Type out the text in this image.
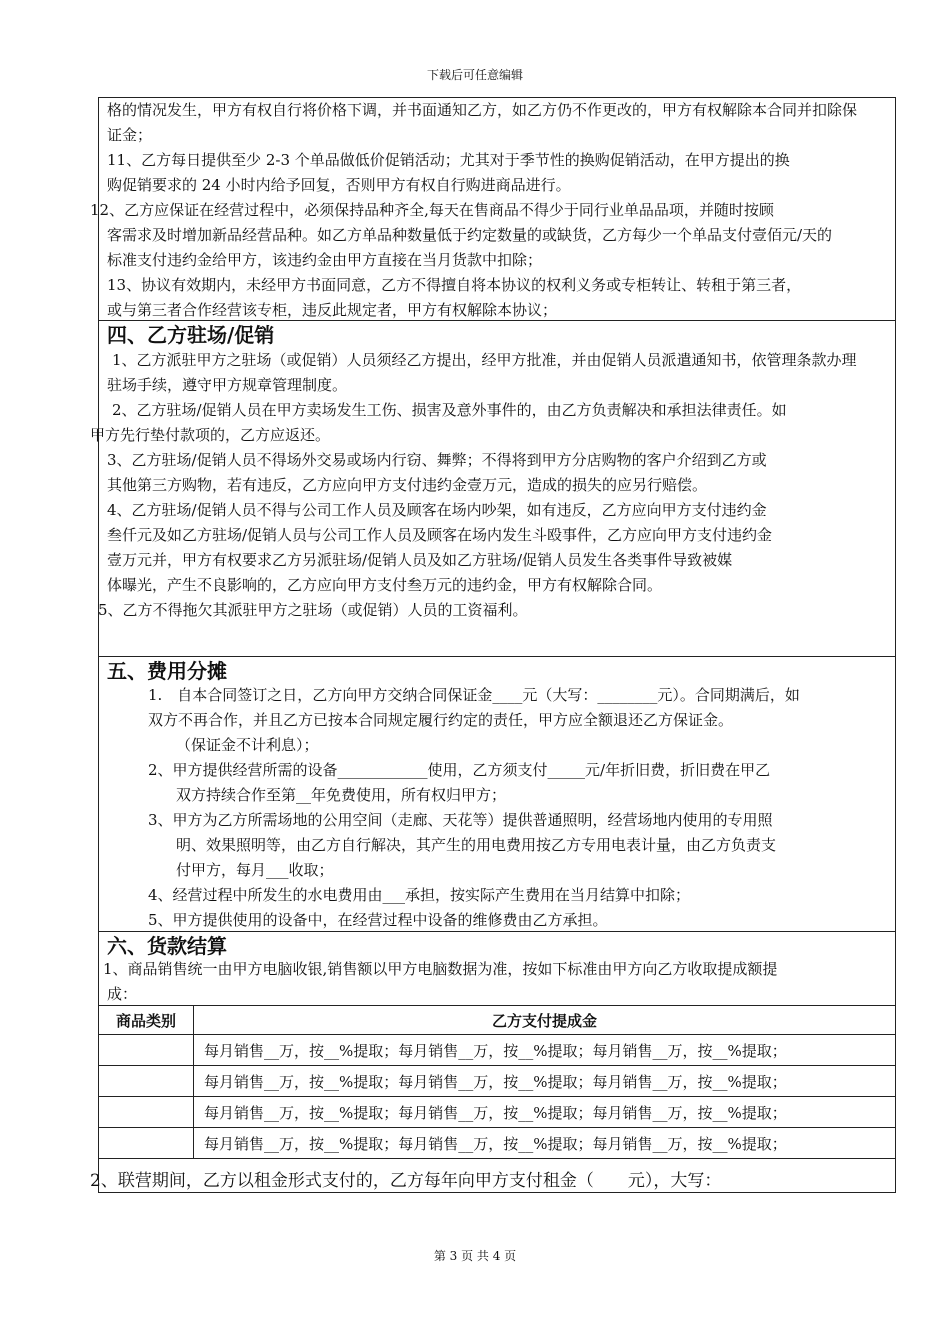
下载后可任意编辑
格的情况发生，甲方有权自行将价格下调，并书面通知乙方，如乙方仍不作更改的，甲方有权解除本合同并扣除保
证金；
11、乙方每日提供至少 2-3 个单品做低价促销活动；尤其对于季节性的换购促销活动，在甲方提出的换
购促销要求的 24 小时内给予回复，否则甲方有权自行购进商品进行。
12、乙方应保证在经营过程中，必须保持品种齐全,每天在售商品不得少于同行业单品品项，并随时按顾
客需求及时增加新品经营品种。如乙方单品种数量低于约定数量的或缺货，乙方每少一个单品支付壹佰元/天的
标准支付违约金给甲方，该违约金由甲方直接在当月货款中扣除；
13、协议有效期内，未经甲方书面同意，乙方不得擅自将本协议的权利义务或专柜转让、转租于第三者，
或与第三者合作经营该专柜，违反此规定者，甲方有权解除本协议；
四、乙方驻场/促销
1、乙方派驻甲方之驻场（或促销）人员须经乙方提出，经甲方批准，并由促销人员派遣通知书，依管理条款办理
驻场手续，遵守甲方规章管理制度。
2、乙方驻场/促销人员在甲方卖场发生工伤、损害及意外事件的，由乙方负责解决和承担法律责任。如
甲方先行垫付款项的，乙方应返还。
3、乙方驻场/促销人员不得场外交易或场内行窃、舞弊；不得将到甲方分店购物的客户介绍到乙方或
其他第三方购物，若有违反，乙方应向甲方支付违约金壹万元，造成的损失的应另行赔偿。
4、乙方驻场/促销人员不得与公司工作人员及顾客在场内吵架，如有违反，乙方应向甲方支付违约金
叁仟元及如乙方驻场/促销人员与公司工作人员及顾客在场内发生斗殴事件，乙方应向甲方支付违约金
壹万元并，甲方有权要求乙方另派驻场/促销人员及如乙方驻场/促销人员发生各类事件导致被媒
体曝光，产生不良影响的，乙方应向甲方支付叁万元的违约金，甲方有权解除合同。
5、乙方不得拖欠其派驻甲方之驻场（或促销）人员的工资福利。
五、费用分摊
1.　自本合同签订之日，乙方向甲方交纳合同保证金____元（大写：________元）。合同期满后，如
双方不再合作，并且乙方已按本合同规定履行约定的责任，甲方应全额退还乙方保证金。
（保证金不计利息）；
2、甲方提供经营所需的设备____________使用，乙方须支付_____元/年折旧费，折旧费在甲乙
双方持续合作至第__年免费使用，所有权归甲方；
3、甲方为乙方所需场地的公用空间（走廊、天花等）提供普通照明，经营场地内使用的专用照
明、效果照明等，由乙方自行解决，其产生的用电费用按乙方专用电表计量，由乙方负责支
付甲方，每月___收取；
4、经营过程中所发生的水电费用由___承担，按实际产生费用在当月结算中扣除；
5、甲方提供使用的设备中，在经营过程中设备的维修费由乙方承担。
六、货款结算
1、商品销售统一由甲方电脑收银,销售额以甲方电脑数据为准，按如下标准由甲方向乙方收取提成额提
成：
商品类别	乙方支付提成金
	每月销售__万，按__%提取；每月销售__万，按__%提取；每月销售__万，按__%提取；
	每月销售__万，按__%提取；每月销售__万，按__%提取；每月销售__万，按__%提取；
	每月销售__万，按__%提取；每月销售__万，按__%提取；每月销售__万，按__%提取；
	每月销售__万，按__%提取；每月销售__万，按__%提取；每月销售__万，按__%提取；
2、联营期间，乙方以租金形式支付的，乙方每年向甲方支付租金（　　元），大写：
第 3 页 共 4 页
